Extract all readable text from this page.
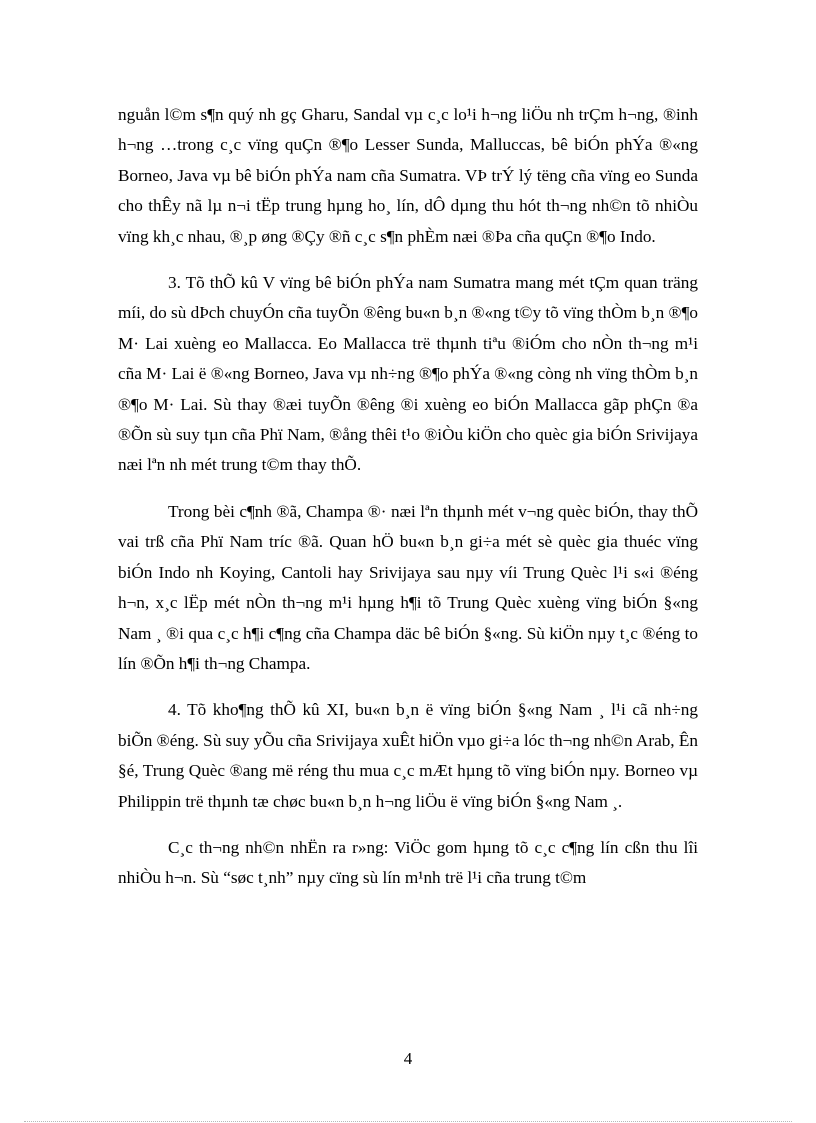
nguån l©m s¶n quý nh gç Gharu, Sandal vµ c¸c lo¹i h¬ng liÖu nh trÇm h¬ng, ®inh h¬ng …trong c¸c vïng quÇn ®¶o Lesser Sunda, Malluccas, bê biÓn phÝa ®«ng Borneo, Java vµ bê biÓn phÝa nam cña Sumatra. VÞ trÝ lý tëng cña vïng eo Sunda cho thÊy nã lµ n¬i tËp trung hµng ho¸ lín, dÔ dµng thu hót th¬ng nh©n tõ nhiÒu vïng kh¸c nhau, ®¸p øng ®Çy ®ñ c¸c s¶n phÈm næi ®Þa cña quÇn ®¶o Indo.

3. Tõ thÕ kû V vïng bê biÓn phÝa nam Sumatra mang mét tÇm quan träng míi, do sù dÞch chuyÓn cña tuyÕn ®êng bu«n b¸n ®«ng t©y tõ vïng thÒm b¸n ®¶o M· Lai xuèng eo Mallacca. Eo Mallacca trë thµnh tiªu ®iÓm cho nÒn th¬ng m¹i cña M· Lai ë ®«ng Borneo, Java vµ nh÷ng ®¶o phÝa ®«ng còng nh vïng thÒm b¸n ®¶o M· Lai. Sù thay ®æi tuyÕn ®êng ®i xuèng eo biÓn Mallacca gãp phÇn ®a ®Õn sù suy tµn cña Phï Nam, ®ång thêi t¹o ®iÒu kiÖn cho quèc gia biÓn Srivijaya næi lªn nh mét trung t©m thay thÕ.

Trong bèi c¶nh ®ã, Champa ®· næi lªn thµnh mét v¬ng quèc biÓn, thay thÕ vai trß cña Phï Nam tríc ®ã. Quan hÖ bu«n b¸n gi÷a mét sè quèc gia thuéc vïng biÓn Indo nh Koying, Cantoli hay Srivijaya sau nµy víi Trung Quèc l¹i s«i ®éng h¬n, x¸c lËp mét nÒn th¬ng m¹i hµng h¶i tõ Trung Quèc xuèng vïng biÓn §«ng Nam ¸ ®i qua c¸c h¶i c¶ng cña Champa däc bê biÓn §«ng. Sù kiÖn nµy t¸c ®éng to lín ®Õn h¶i th¬ng Champa.

4. Tõ kho¶ng thÕ kû XI, bu«n b¸n ë vïng biÓn §«ng Nam ¸ l¹i cã nh÷ng biÕn ®éng. Sù suy yÕu cña Srivijaya xuÊt hiÖn vµo gi÷a lóc th¬ng nh©n Arab, Ên §é, Trung Quèc ®ang më réng thu mua c¸c mÆt hµng tõ vïng biÓn nµy. Borneo vµ Philippin trë thµnh tæ chøc bu«n b¸n h¬ng liÖu ë vïng biÓn §«ng Nam ¸.

C¸c th¬ng nh©n nhËn ra r»ng: ViÖc gom hµng tõ c¸c c¶ng lín cßn thu lîi nhiÒu h¬n. Sù “søc t¸nh” nµy cïng sù lín m¹nh trë l¹i cña trung t©m

4
